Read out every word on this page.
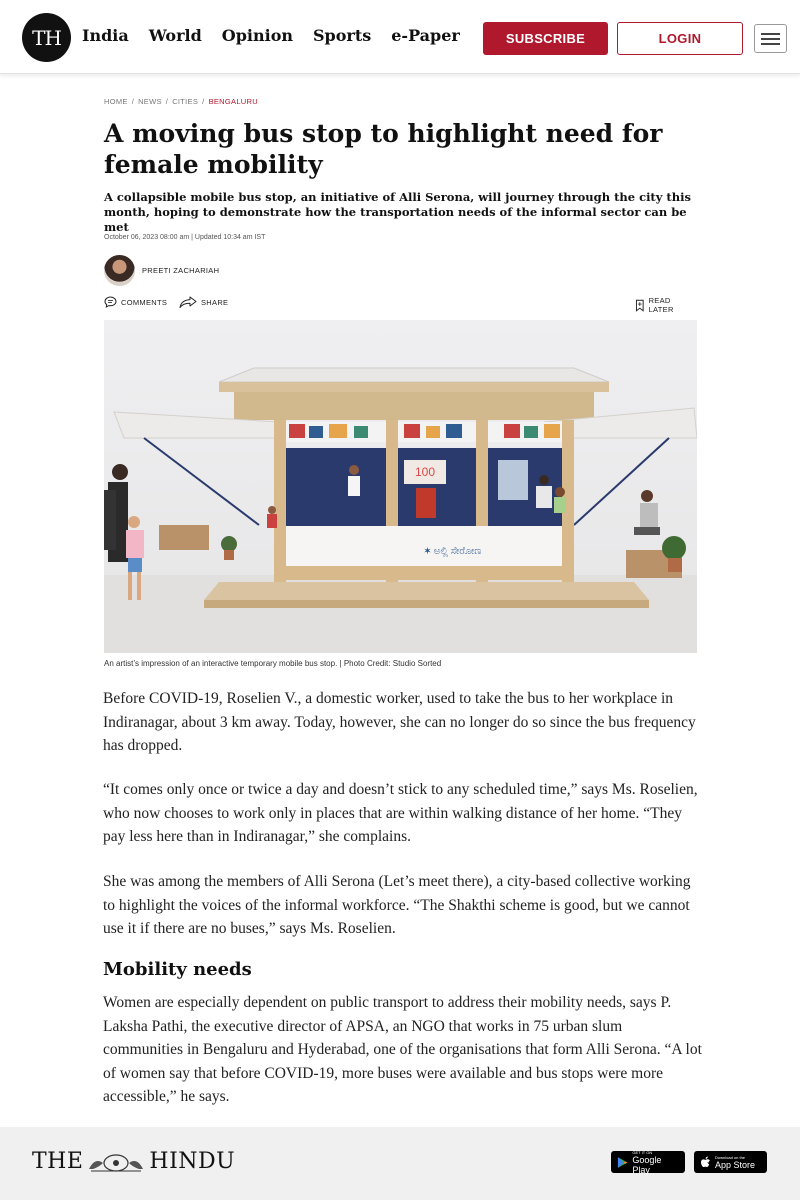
TH	India World Opinion Sports e-Paper	SUBSCRIBE	LOGIN
HOME / NEWS / CITIES / BENGALURU
A moving bus stop to highlight need for female mobility

A collapsible mobile bus stop, an initiative of Alli Serona, will journey through the city this month, hoping to demonstrate how the transportation needs of the informal sector can be met

October 06, 2023 08:00 am | Updated 10:34 am IST
PREETI ZACHARIAH
COMMENTS	SHARE	READ LATER
100
✶ ಅಲ್ಲಿ ಸೇರೋಣ
An artist’s impression of an interactive temporary mobile bus stop. | Photo Credit: Studio Sorted

Before COVID-19, Roselien V., a domestic worker, used to take the bus to her workplace in Indiranagar, about 3 km away. Today, however, she can no longer do so since the bus frequency has dropped.

“It comes only once or twice a day and doesn’t stick to any scheduled time,” says Ms. Roselien, who now chooses to work only in places that are within walking distance of her home. “They pay less here than in Indiranagar,” she complains.

She was among the members of Alli Serona (Let’s meet there), a city-based collective working to highlight the voices of the informal workforce. “The Shakthi scheme is good, but we cannot use it if there are no buses,” says Ms. Roselien.

Mobility needs

Women are especially dependent on public transport to address their mobility needs, says P. Laksha Pathi, the executive director of APSA, an NGO that works in 75 urban slum communities in Bengaluru and Hyderabad, one of the organisations that form Alli Serona. “A lot of women say that before COVID-19, more buses were available and bus stops were more accessible,” he says.

THE	HINDU	GET IT ON
Google Play
Download on the
App Store
